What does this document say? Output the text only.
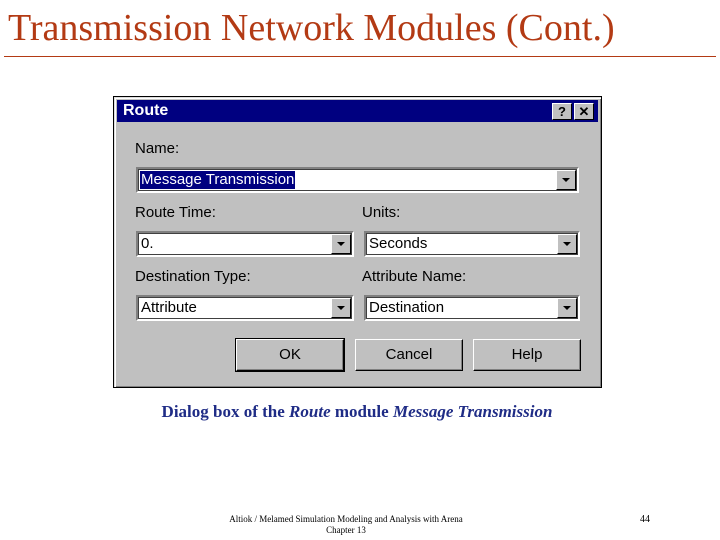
Transmission Network Modules (Cont.)
Route	? ✕
Name:
Message Transmission
Route Time:
0.
Units:
Seconds
Destination Type:
Attribute
Attribute Name:
Destination
OK	Cancel	Help
Dialog box of the Route module Message Transmission
Altiok / Melamed Simulation Modeling and Analysis with Arena
Chapter 13
44
